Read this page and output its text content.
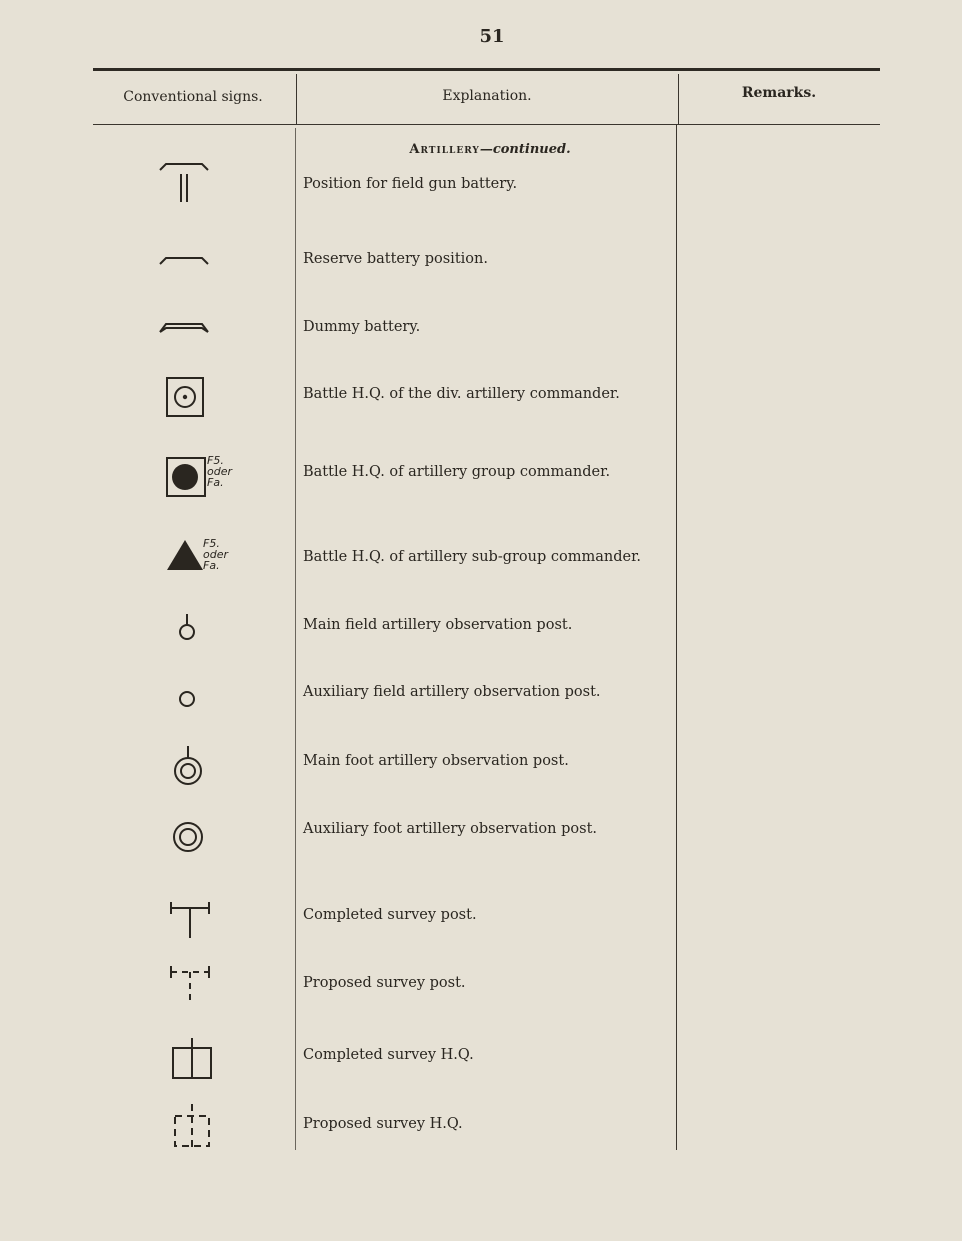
51
Conventional signs.	Explanation.	Remarks.
Artillery—continued.
Position for field gun battery.
Reserve battery position.
Dummy battery.
Battle H.Q. of the div. artillery commander.
F5.
oder
Fa.
Battle H.Q. of artillery group commander.
F5.
oder
Fa.
Battle H.Q. of artillery sub-group commander.
Main field artillery observation post.
Auxiliary field artillery observation post.
Main foot artillery observation post.
Auxiliary foot artillery observation post.
Completed survey post.
Proposed survey post.
Completed survey H.Q.
Proposed survey H.Q.
